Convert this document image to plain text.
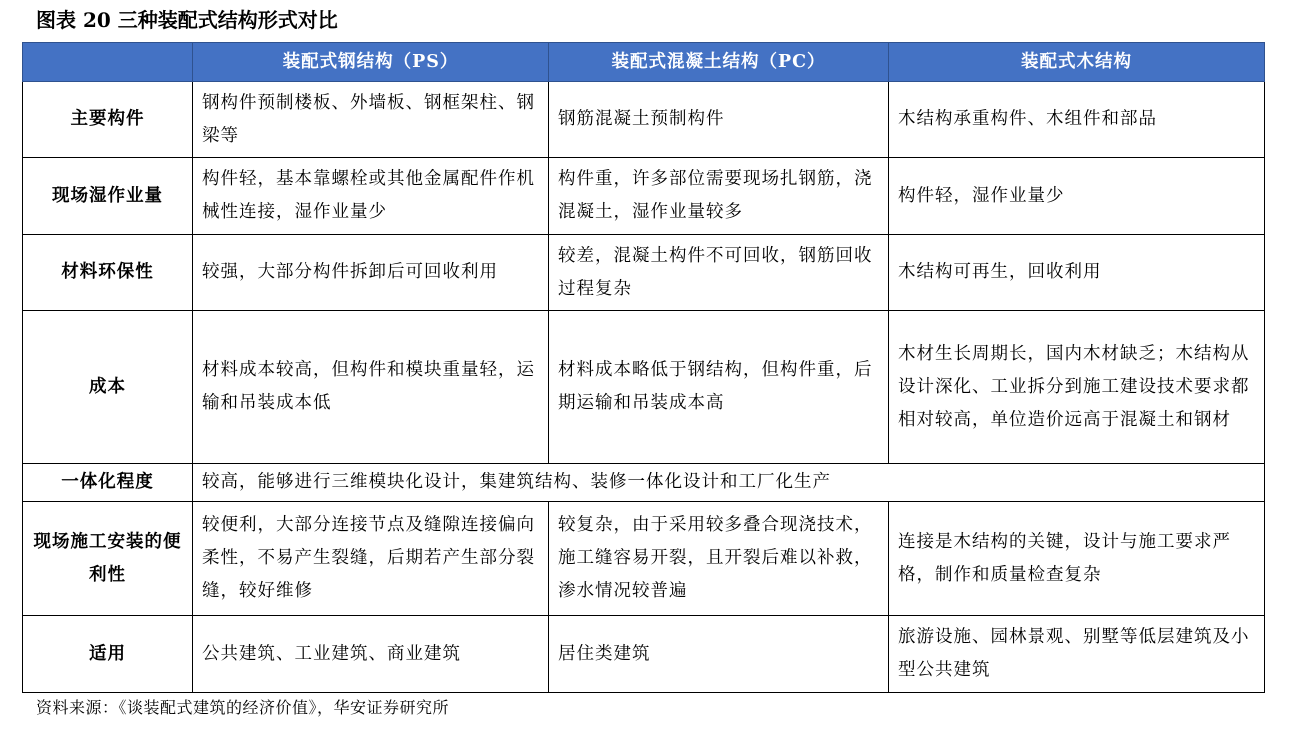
图表 20 三种装配式结构形式对比
	装配式钢结构（PS）	装配式混凝土结构（PC）	装配式木结构
主要构件	钢构件预制楼板、外墙板、钢框架柱、钢梁等	钢筋混凝土预制构件	木结构承重构件、木组件和部品
现场湿作业量	构件轻，基本靠螺栓或其他金属配件作机械性连接，湿作业量少	构件重，许多部位需要现场扎钢筋，浇混凝土，湿作业量较多	构件轻，湿作业量少
材料环保性	较强，大部分构件拆卸后可回收利用	较差，混凝土构件不可回收，钢筋回收过程复杂	木结构可再生，回收利用
成本	材料成本较高，但构件和模块重量轻，运输和吊装成本低	材料成本略低于钢结构，但构件重，后期运输和吊装成本高	木材生长周期长，国内木材缺乏；木结构从设计深化、工业拆分到施工建设技术要求都相对较高，单位造价远高于混凝土和钢材
一体化程度	较高，能够进行三维模块化设计，集建筑结构、装修一体化设计和工厂化生产		
现场施工安装的便利性	较便利，大部分连接节点及缝隙连接偏向柔性，不易产生裂缝，后期若产生部分裂缝，较好维修	较复杂，由于采用较多叠合现浇技术，施工缝容易开裂，且开裂后难以补救，渗水情况较普遍	连接是木结构的关键，设计与施工要求严格，制作和质量检查复杂
适用	公共建筑、工业建筑、商业建筑	居住类建筑	旅游设施、园林景观、别墅等低层建筑及小型公共建筑
资料来源：《谈装配式建筑的经济价值》，华安证券研究所
